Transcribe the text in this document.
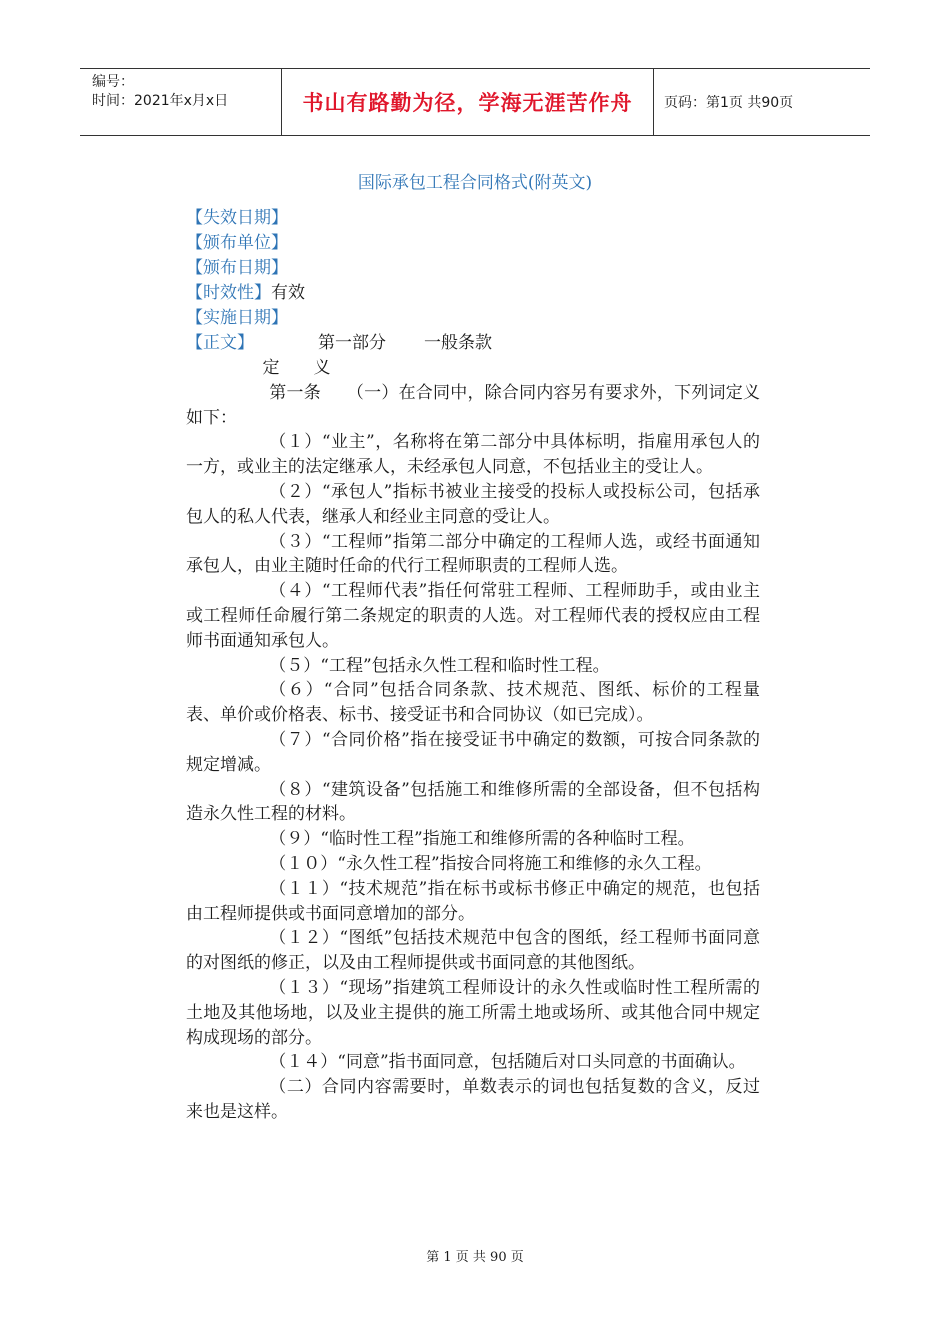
编号：
时间：2021年x月x日	书山有路勤为径，学海无涯苦作舟	页码：第1页 共90页
国际承包工程合同格式(附英文)
【失效日期】
【颁布单位】
【颁布日期】
【时效性】有效
【实施日期】
【正文】	第一部分 一般条款

定　　义

第一条　　（一）在合同中，除合同内容另有要求外，下列词定义如下：

（１）“业主”，名称将在第二部分中具体标明，指雇用承包人的一方，或业主的法定继承人，未经承包人同意，不包括业主的受让人。

（２）“承包人”指标书被业主接受的投标人或投标公司，包括承包人的私人代表，继承人和经业主同意的受让人。

（３）“工程师”指第二部分中确定的工程师人选，或经书面通知承包人，由业主随时任命的代行工程师职责的工程师人选。

（４）“工程师代表”指任何常驻工程师、工程师助手，或由业主或工程师任命履行第二条规定的职责的人选。对工程师代表的授权应由工程师书面通知承包人。

（５）“工程”包括永久性工程和临时性工程。

（６）“合同”包括合同条款、技术规范、图纸、标价的工程量表、单价或价格表、标书、接受证书和合同协议（如已完成）。

（７）“合同价格”指在接受证书中确定的数额，可按合同条款的规定增减。

（８）“建筑设备”包括施工和维修所需的全部设备，但不包括构造永久性工程的材料。

（９）“临时性工程”指施工和维修所需的各种临时工程。

（１０）“永久性工程”指按合同将施工和维修的永久工程。

（１１）“技术规范”指在标书或标书修正中确定的规范，也包括由工程师提供或书面同意增加的部分。

（１２）“图纸”包括技术规范中包含的图纸，经工程师书面同意的对图纸的修正，以及由工程师提供或书面同意的其他图纸。

（１３）“现场”指建筑工程师设计的永久性或临时性工程所需的土地及其他场地，以及业主提供的施工所需土地或场所、或其他合同中规定构成现场的部分。

（１４）“同意”指书面同意，包括随后对口头同意的书面确认。

（二）合同内容需要时，单数表示的词也包括复数的含义，反过来也是这样。

第 1 页 共 90 页
